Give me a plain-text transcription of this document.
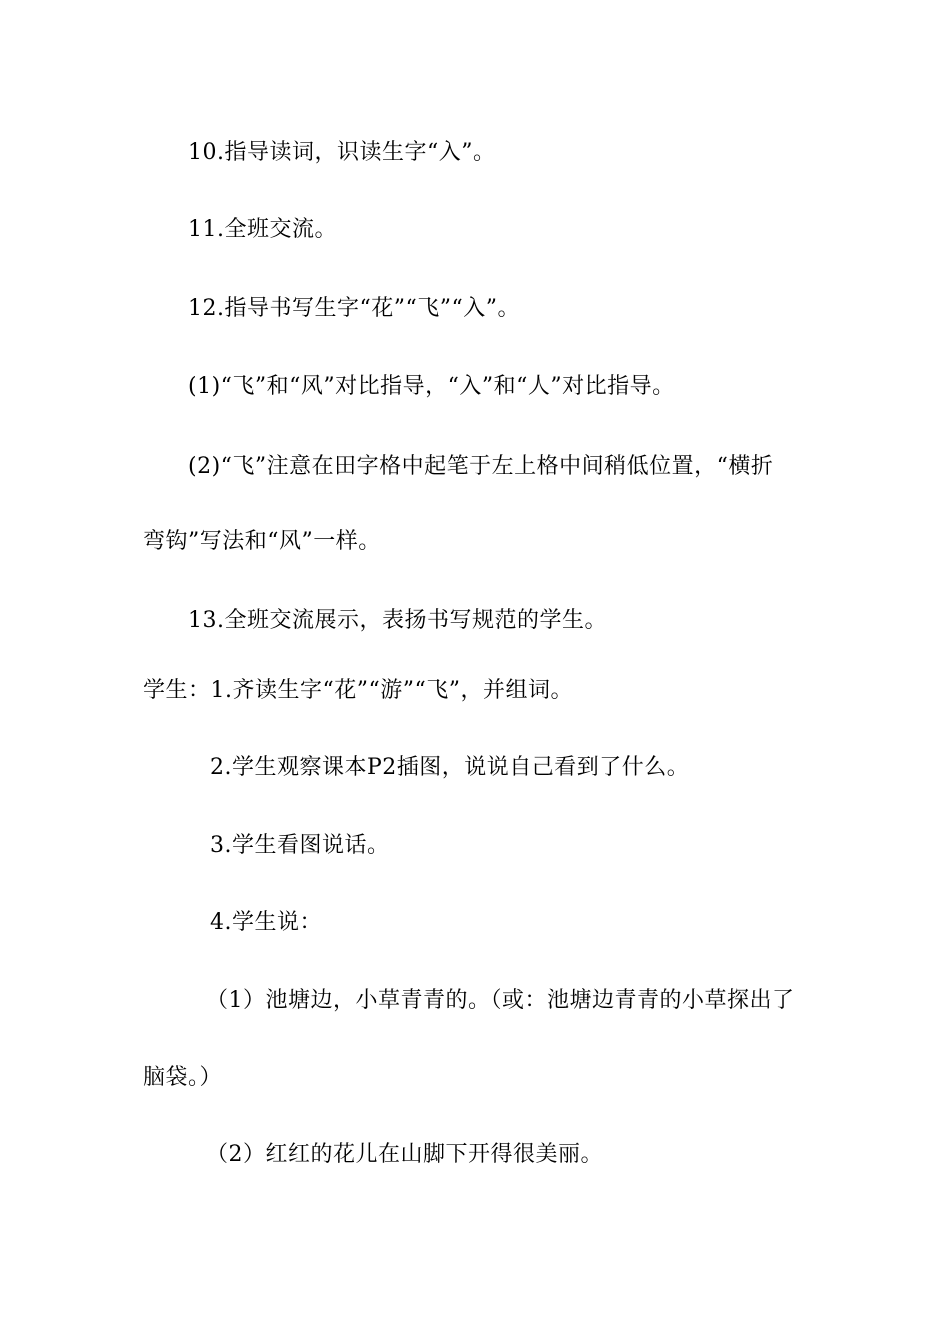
10.指导读词，识读生字“入”。
11.全班交流。
12.指导书写生字“花”“飞”“入”。
(1)“飞”和“风”对比指导，“入”和“人”对比指导。
(2)“飞”注意在田字格中起笔于左上格中间稍低位置，“横折
弯钩”写法和“风”一样。
13.全班交流展示，表扬书写规范的学生。
学生：1.齐读生字“花”“游”“飞”，并组词。
2.学生观察课本P2插图，说说自己看到了什么。
3.学生看图说话。
4.学生说：
（1）池塘边，小草青青的。（或：池塘边青青的小草探出了
脑袋。）
（2）红红的花儿在山脚下开得很美丽。
